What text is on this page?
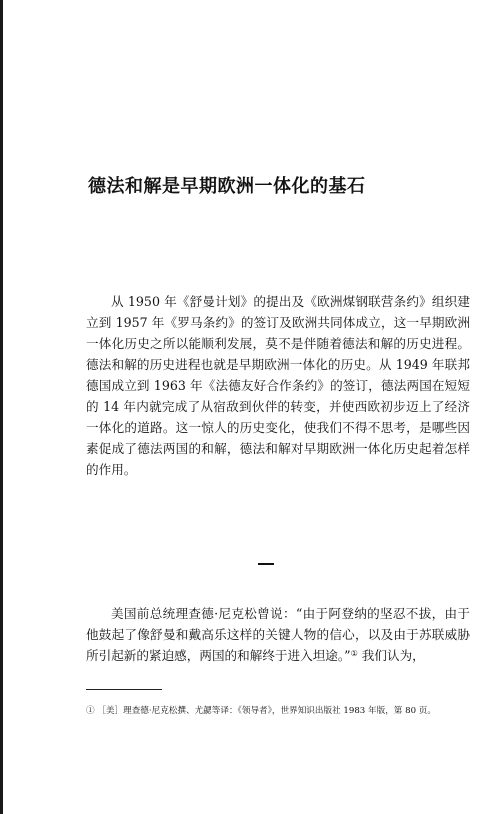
德法和解是早期欧洲一体化的基石

从 1950 年《舒曼计划》的提出及《欧洲煤钢联营条约》组织建立到 1957 年《罗马条约》的签订及欧洲共同体成立，这一早期欧洲一体化历史之所以能顺利发展，莫不是伴随着德法和解的历史进程。德法和解的历史进程也就是早期欧洲一体化的历史。从 1949 年联邦德国成立到 1963 年《法德友好合作条约》的签订，德法两国在短短的 14 年内就完成了从宿敌到伙伴的转变，并使西欧初步迈上了经济一体化的道路。这一惊人的历史变化，使我们不得不思考，是哪些因素促成了德法两国的和解，德法和解对早期欧洲一体化历史起着怎样的作用。

美国前总统理查德·尼克松曾说：“由于阿登纳的坚忍不拔，由于他鼓起了像舒曼和戴高乐这样的关键人物的信心，以及由于苏联威胁所引起新的紧迫感，两国的和解终于进入坦途。”① 我们认为，

① ［美］理查德·尼克松撰、尤勰等译：《领导者》，世界知识出版社 1983 年版，第 80 页。
